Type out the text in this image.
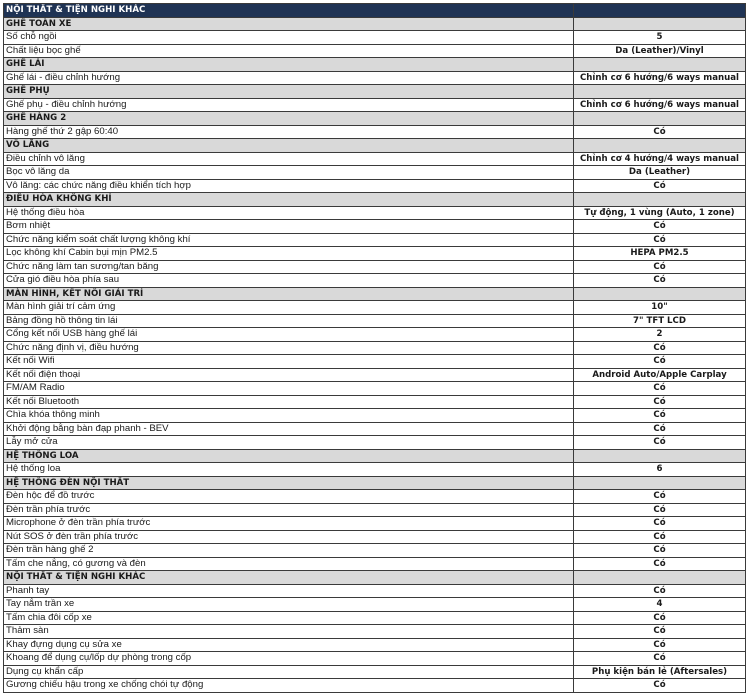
NỘI THẤT & TIỆN NGHI KHÁC	
GHẾ TOÀN XE	
Số chỗ ngồi	5
Chất liệu bọc ghế	Da (Leather)/Vinyl
GHẾ LÁI	
Ghế lái - điều chỉnh hướng	Chỉnh cơ 6 hướng/6 ways manual
GHẾ PHỤ	
Ghế phụ - điều chỉnh hướng	Chỉnh cơ 6 hướng/6 ways manual
GHẾ HÀNG 2	
Hàng ghế thứ 2 gập 60:40	Có
VÔ LĂNG	
Điều chỉnh vô lăng	Chỉnh cơ 4 hướng/4 ways manual
Bọc vô lăng da	Da (Leather)
Vô lăng: các chức năng điều khiển tích hợp	Có
ĐIỀU HÒA KHÔNG KHÍ	
Hệ thống điều hòa	Tự động, 1 vùng (Auto, 1 zone)
Bơm nhiệt	Có
Chức năng kiểm soát chất lượng không khí	Có
Lọc không khí Cabin bụi mịn PM2.5	HEPA PM2.5
Chức năng làm tan sương/tan băng	Có
Cửa gió điều hòa phía sau	Có
MÀN HÌNH, KẾT NỐI GIẢI TRÍ	
Màn hình giải trí cảm ứng	10"
Bảng đồng hồ thông tin lái	7" TFT LCD
Cổng kết nối USB hàng ghế lái	2
Chức năng định vị, điều hướng	Có
Kết nối Wifi	Có
Kết nối điện thoại	Android Auto/Apple Carplay
FM/AM Radio	Có
Kết nối Bluetooth	Có
Chìa khóa thông minh	Có
Khởi động bằng bàn đạp phanh - BEV	Có
Lẫy mở cửa	Có
HỆ THỐNG LOA	
Hệ thống loa	6
HỆ THỐNG ĐÈN NỘI THẤT	
Đèn hộc để đồ trước	Có
Đèn trần phía trước	Có
Microphone ở đèn trần phía trước	Có
Nút SOS ở đèn trần phía trước	Có
Đèn trần hàng ghế 2	Có
Tấm che nắng, có gương và đèn	Có
NỘI THẤT & TIỆN NGHI KHÁC	
Phanh tay	Có
Tay nắm trần xe	4
Tấm chia đôi cốp xe	Có
Thảm sàn	Có
Khay đựng dụng cụ sửa xe	Có
Khoang để dụng cụ/lốp dự phòng trong cốp	Có
Dụng cụ khẩn cấp	Phụ kiện bán lẻ (Aftersales)
Gương chiếu hậu trong xe chống chói tự động	Có
